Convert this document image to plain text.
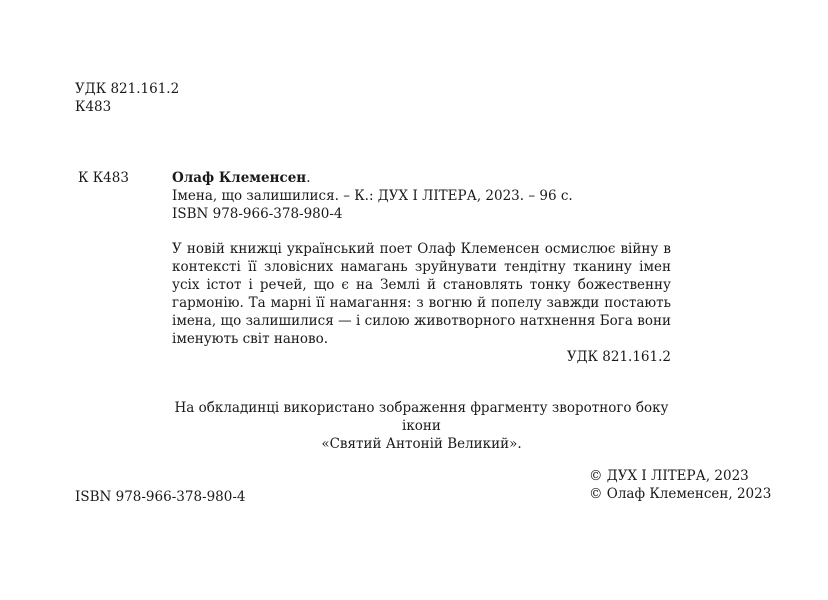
УДК 821.161.2
К483
К К483	Олаф Клеменсен.
Імена, що залишилися. – К.: ДУХ І ЛІТЕРА, 2023. – 96 с.
ISBN 978-966-378-980-4

У новій книжці український поет Олаф Клеменсен осмислює війну в контексті її зловісних намагань зруйнувати тендітну тканину імен усіх істот і речей, що є на Землі й становлять тонку божественну гармонію. Та марні її намагання: з вогню й попелу завжди постають імена, що залишилися — і силою животворного натхнення Бога вони іменують світ наново.

УДК 821.161.2

На обкладинці використано зображення фрагменту зворотного боку ікони
«Святий Антоній Великий».
© ДУХ І ЛІТЕРА, 2023
© Олаф Клеменсен, 2023
ISBN 978-966-378-980-4
